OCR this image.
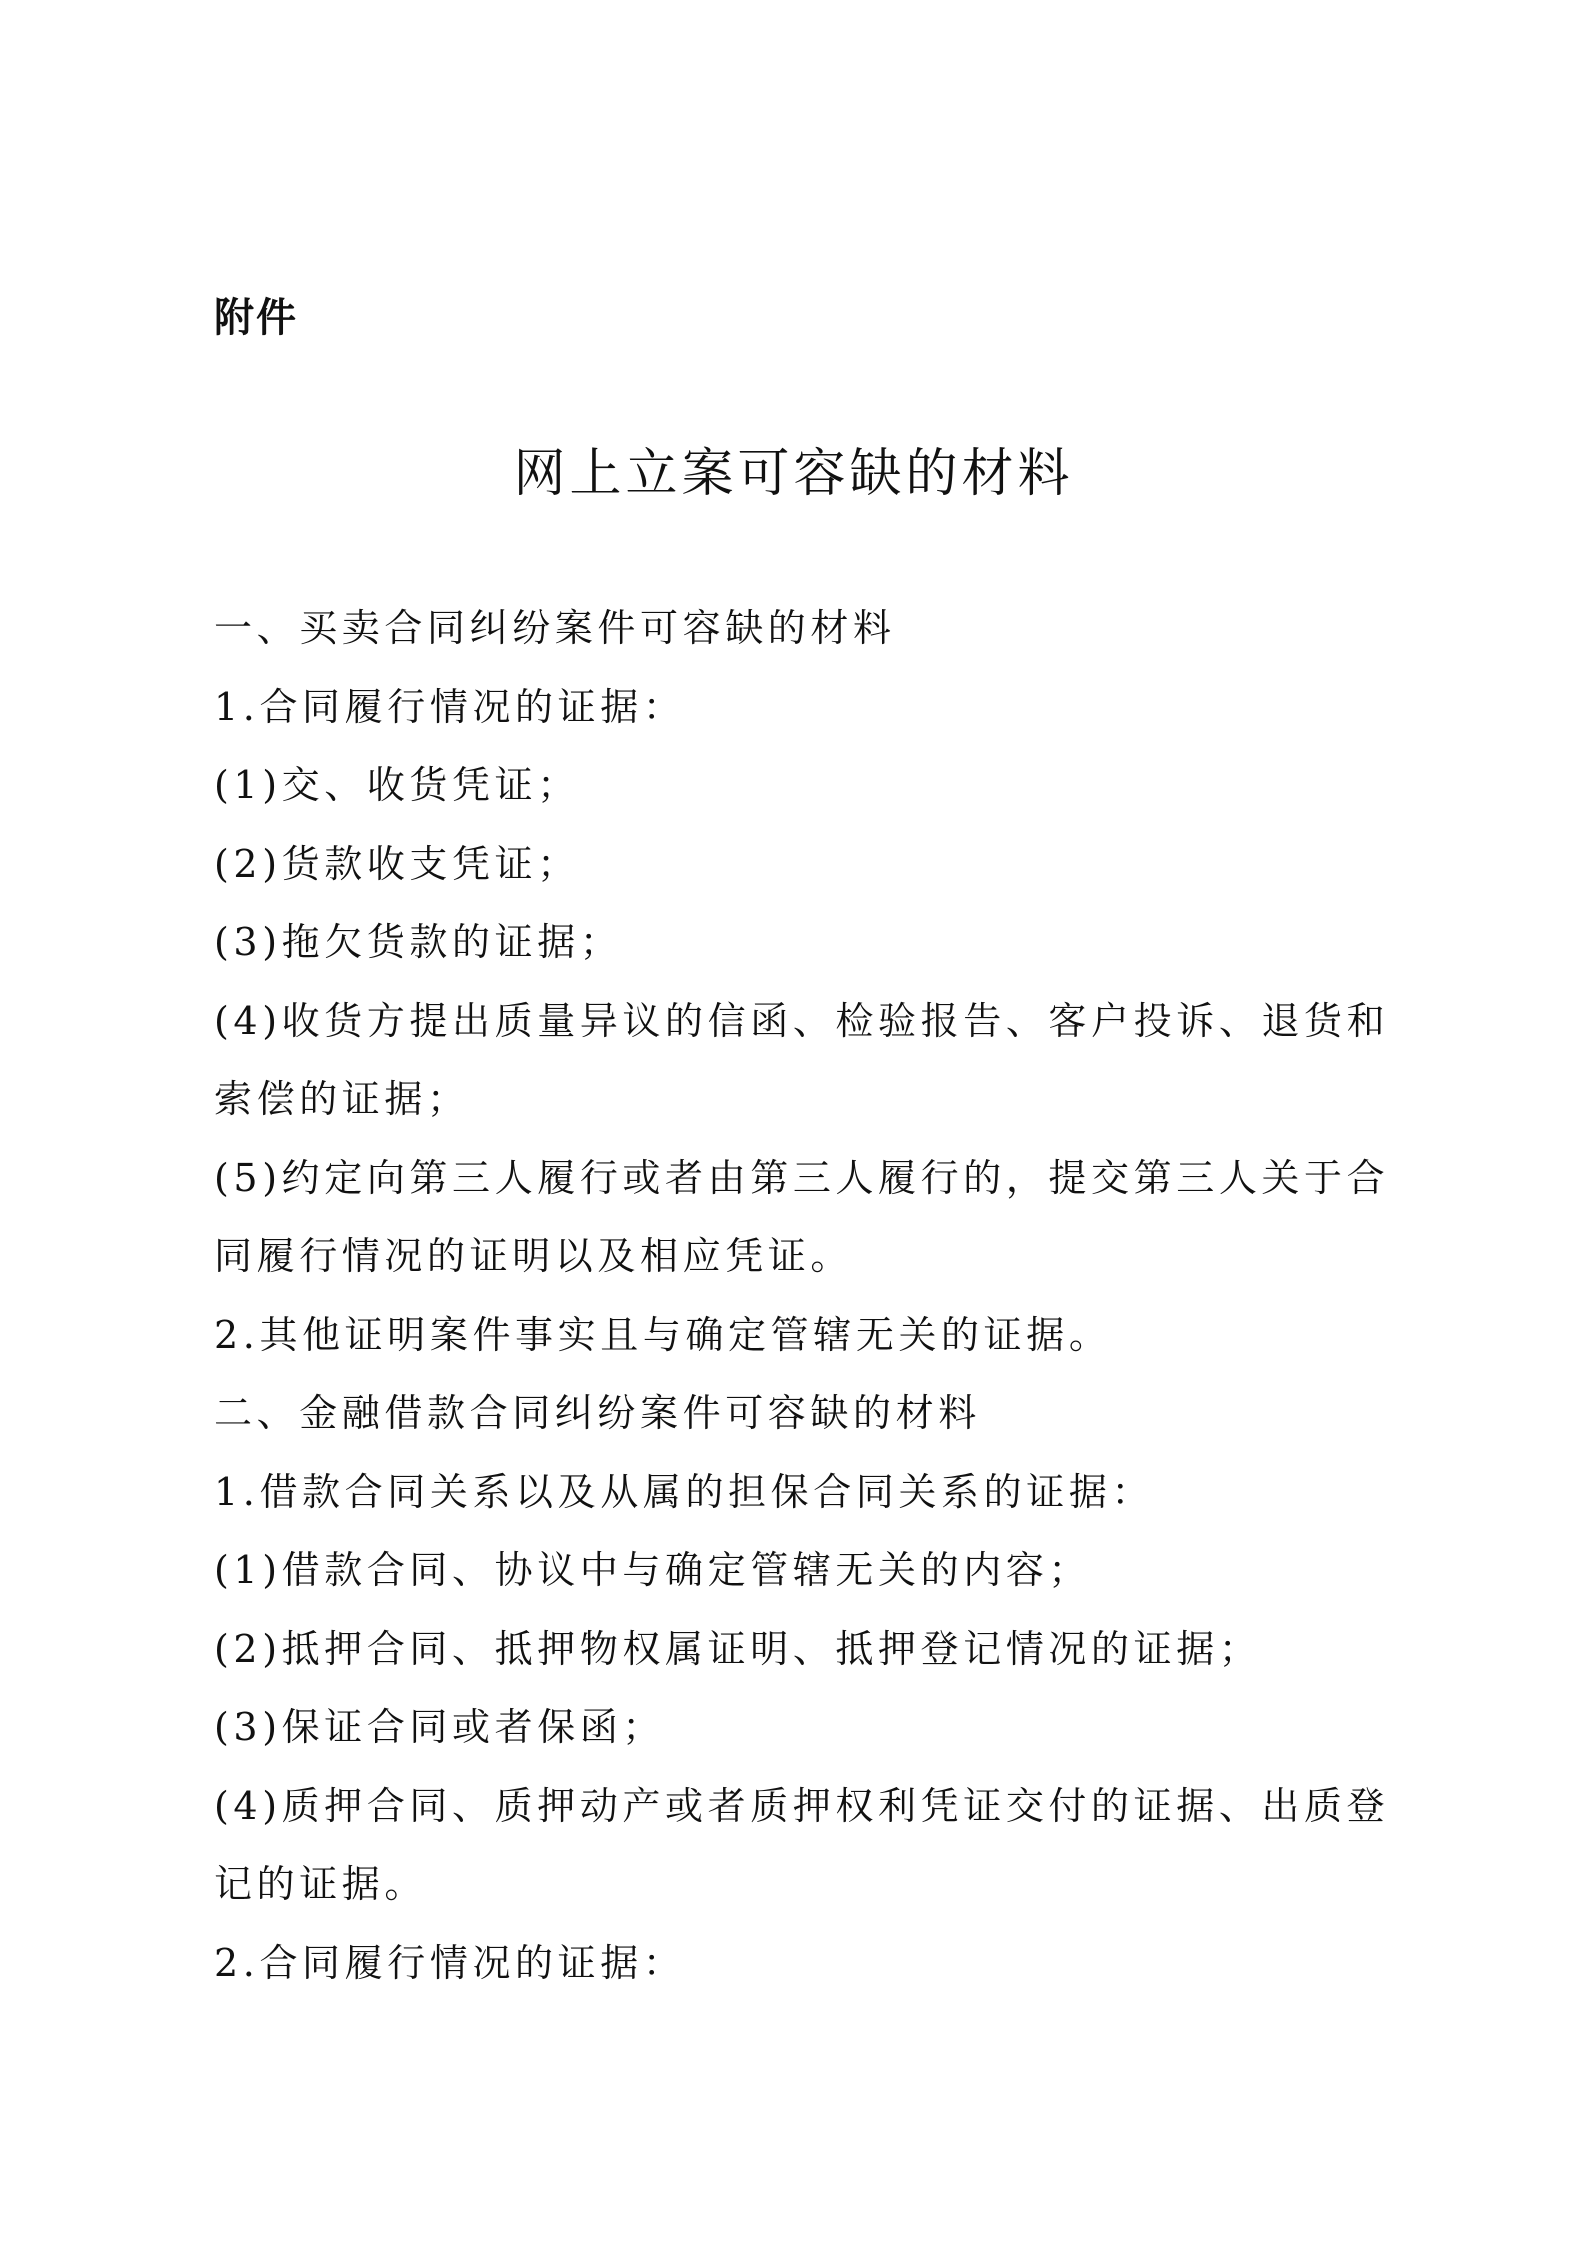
附件

网上立案可容缺的材料
一、买卖合同纠纷案件可容缺的材料
1.合同履行情况的证据：
(1)交、收货凭证；
(2)货款收支凭证；
(3)拖欠货款的证据；
(4)收货方提出质量异议的信函、检验报告、客户投诉、退货和
索偿的证据；
(5)约定向第三人履行或者由第三人履行的，提交第三人关于合
同履行情况的证明以及相应凭证。
2.其他证明案件事实且与确定管辖无关的证据。
二、金融借款合同纠纷案件可容缺的材料
1.借款合同关系以及从属的担保合同关系的证据：
(1)借款合同、协议中与确定管辖无关的内容；
(2)抵押合同、抵押物权属证明、抵押登记情况的证据；
(3)保证合同或者保函；
(4)质押合同、质押动产或者质押权利凭证交付的证据、出质登
记的证据。
2.合同履行情况的证据：
